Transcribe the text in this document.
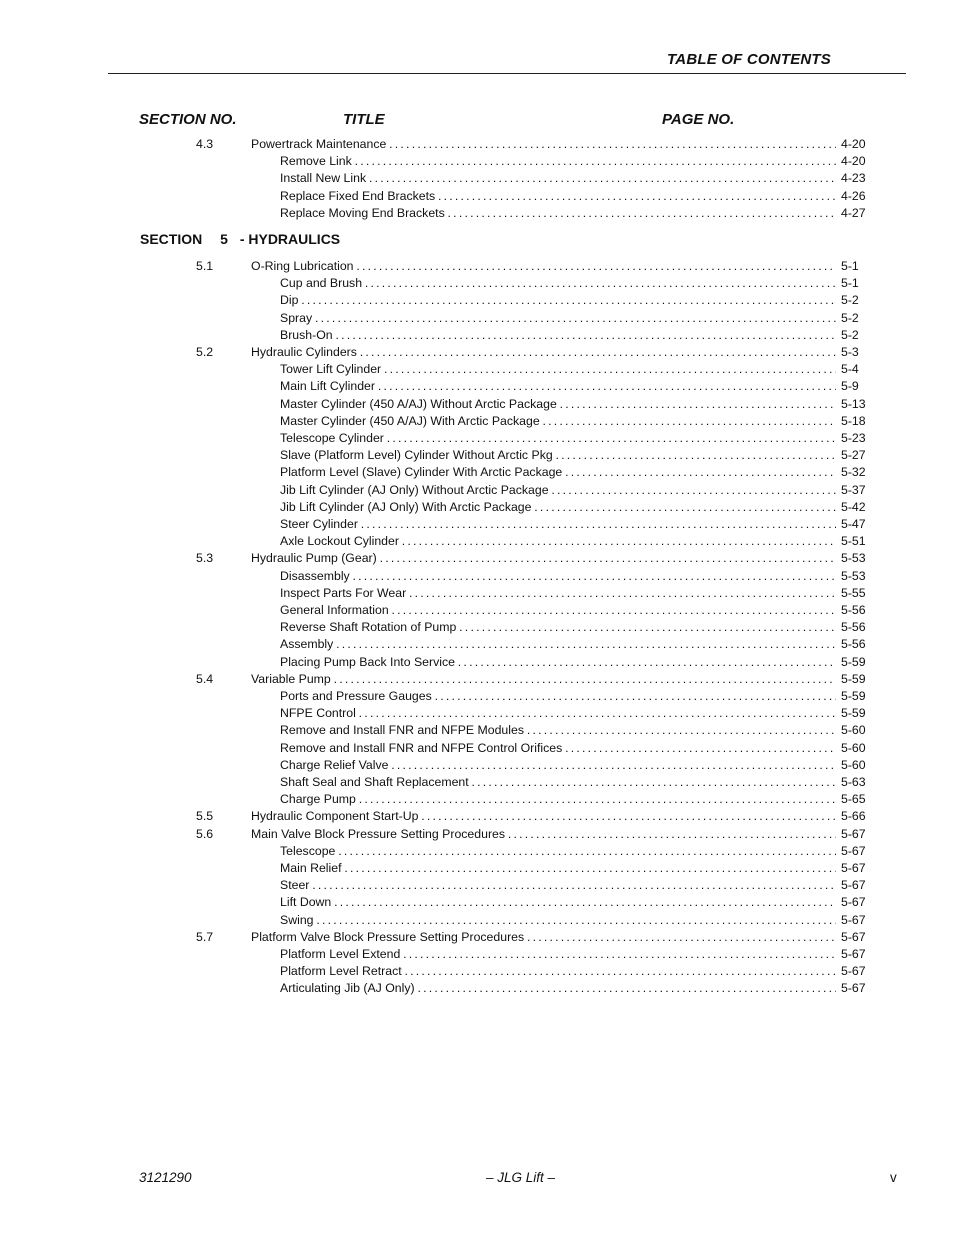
TABLE OF CONTENTS
SECTION NO.	TITLE	PAGE NO.
SECTION 5 - HYDRAULICS
4.3	Powertrack Maintenance . . .	4-20
Remove Link . . .	4-20
Install New Link . . .	4-23
Replace Fixed End Brackets . . .	4-26
Replace Moving End Brackets . . .	4-27
5.1	O-Ring Lubrication . . .	5-1
Cup and Brush . . .	5-1
Dip . . .	5-2
Spray . . .	5-2
Brush-On . . .	5-2
5.2	Hydraulic Cylinders . . .	5-3
Tower Lift Cylinder . . .	5-4
Main Lift Cylinder . . .	5-9
Master Cylinder (450 A/AJ) Without Arctic Package . . .	5-13
Master Cylinder (450 A/AJ) With Arctic Package . . .	5-18
Telescope Cylinder . . .	5-23
Slave (Platform Level) Cylinder Without Arctic Pkg . . .	5-27
Platform Level (Slave) Cylinder With Arctic Package . . .	5-32
Jib Lift Cylinder (AJ Only) Without Arctic Package . . .	5-37
Jib Lift Cylinder (AJ Only) With Arctic Package . . .	5-42
Steer Cylinder . . .	5-47
Axle Lockout Cylinder . . .	5-51
5.3	Hydraulic Pump (Gear) . . .	5-53
Disassembly . . .	5-53
Inspect Parts For Wear . . .	5-55
General Information . . .	5-56
Reverse Shaft Rotation of Pump . . .	5-56
Assembly . . .	5-56
Placing Pump Back Into Service . . .	5-59
5.4	Variable Pump . . .	5-59
Ports and Pressure Gauges . . .	5-59
NFPE Control . . .	5-59
Remove and Install FNR and NFPE Modules . . .	5-60
Remove and Install FNR and NFPE Control Orifices . . .	5-60
Charge Relief Valve . . .	5-60
Shaft Seal and Shaft Replacement . . .	5-63
Charge Pump . . .	5-65
5.5	Hydraulic Component Start-Up . . .	5-66
5.6	Main Valve Block Pressure Setting Procedures . . .	5-67
Telescope . . .	5-67
Main Relief . . .	5-67
Steer . . .	5-67
Lift Down . . .	5-67
Swing . . .	5-67
5.7	Platform Valve Block Pressure Setting Procedures . . .	5-67
Platform Level Extend . . .	5-67
Platform Level Retract . . .	5-67
Articulating Jib (AJ Only) . . .	5-67
3121290	– JLG Lift –	v
